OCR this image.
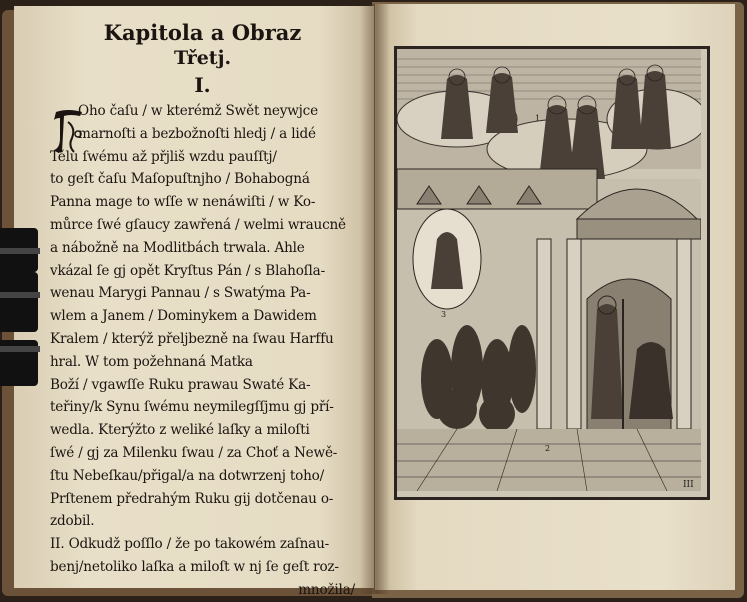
Kapitola a Obraz
Třetj.
I.
Oho čaſu / w kterémž Swět neywjce
marnoſti a bezbožnoſti hledj / a lidé
Tělu ſwému až přjliš wzdu pauſſtj/
to geſt čaſu Maſopuſtnjho / Bohabogná
Panna mage to wſſe w nenáwiſti / w Ko-
můrce ſwé gſaucy zawřená / welmi wraucně
a nábožně na Modlitbách trwala. Ahle
vkázal ſe gj opět Kryſtus Pán / s Blahoſla-
wenau Marygi Pannau / s Swatýma Pa-
wlem a Janem / Dominykem a Dawidem
Kralem / kterýž přeljbezně na ſwau Harffu
hral. W tom požehnaná Matka
Boží / vgawſſe Ruku prawau Swaté Ka-
teřiny/k Synu ſwému neymilegſſjmu gj pří-
wedla. Kterýžto z weliké laſky a miloſti
ſwé / gj za Milenku ſwau / za Choť a Newě-
ſtu Nebeſkau/přigal/a na dotwrzenj toho/
Prſtenem předrahým Ruku gij dotčenau o-
zdobil.
II. Odkudž poſſlo / že po takowém zaſnau-
benj/netoliko laſka a miloſt w nj ſe geſt roz-
množila/
1
3
2
III
